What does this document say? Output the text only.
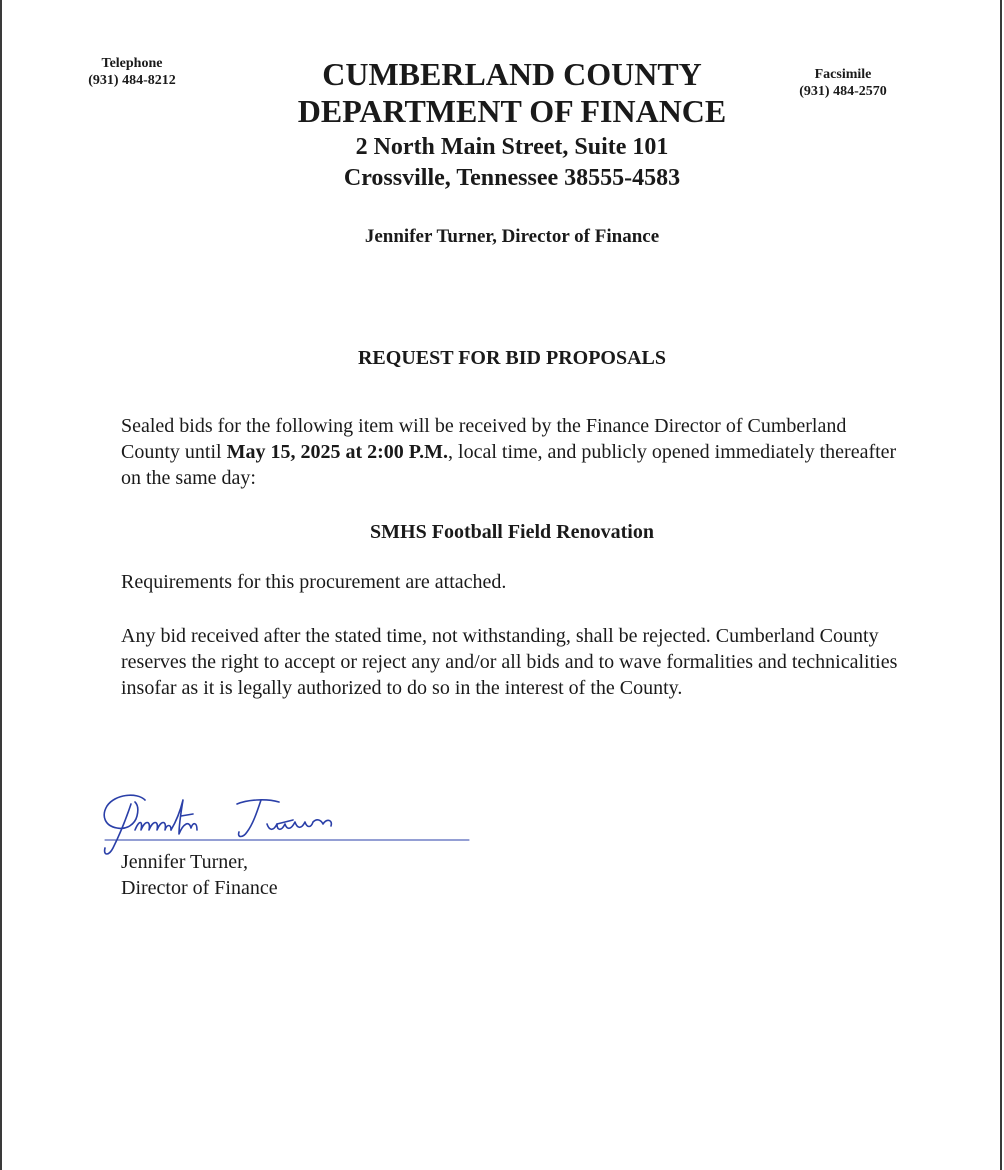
Telephone
(931) 484-8212	Facsimile
(931) 484-2570
CUMBERLAND COUNTY
DEPARTMENT OF FINANCE
2 North Main Street, Suite 101
Crossville, Tennessee 38555-4583
Jennifer Turner, Director of Finance
REQUEST FOR BID PROPOSALS
Sealed bids for the following item will be received by the Finance Director of Cumberland County until May 15, 2025 at 2:00 P.M., local time, and publicly opened immediately thereafter on the same day:
SMHS Football Field Renovation
Requirements for this procurement are attached.
Any bid received after the stated time, not withstanding, shall be rejected. Cumberland County reserves the right to accept or reject any and/or all bids and to wave formalities and technicalities insofar as it is legally authorized to do so in the interest of the County.
Jennifer Turner,
Director of Finance
